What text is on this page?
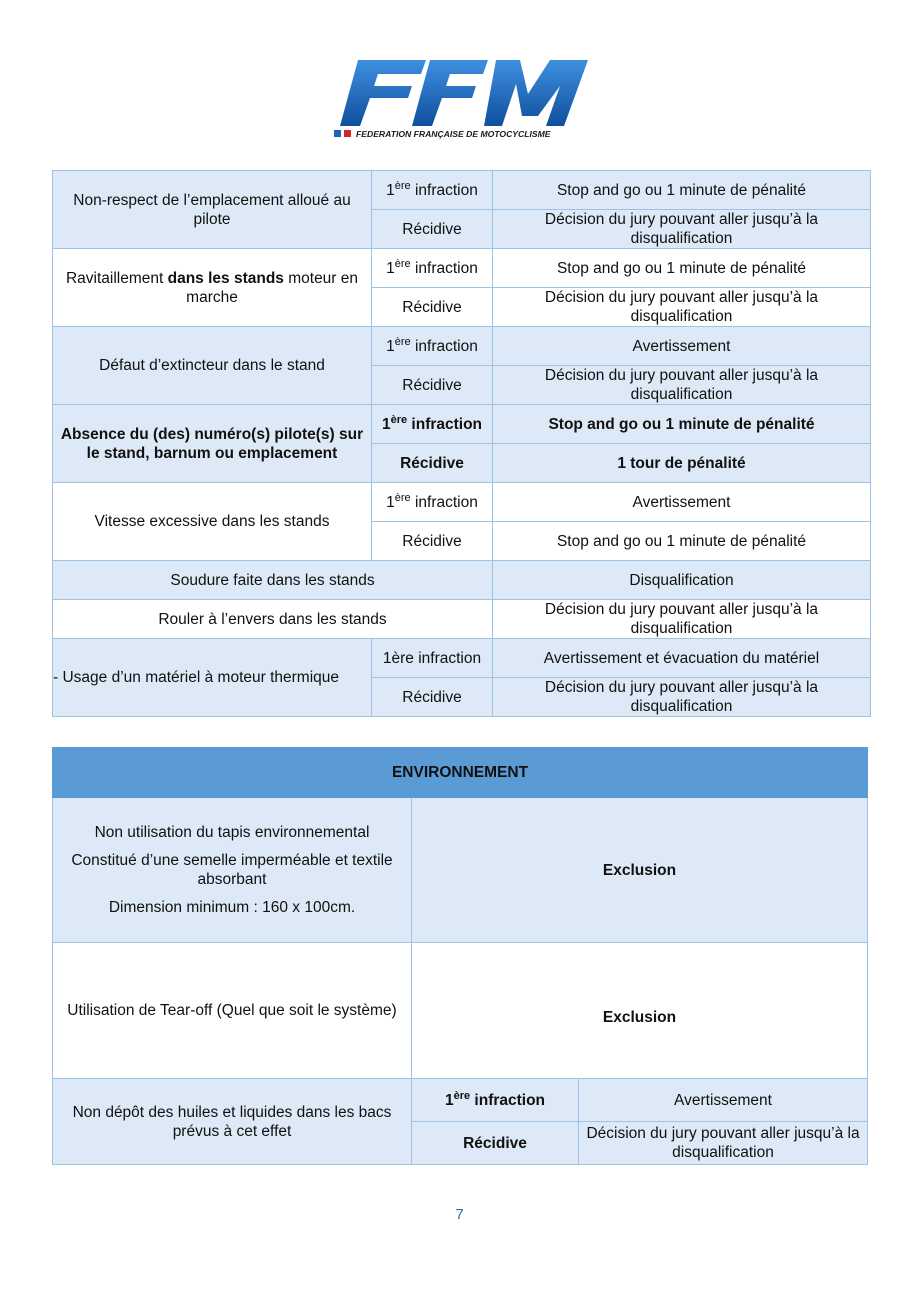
FEDERATION FRANÇAISE DE MOTOCYCLISME
Non-respect de l’emplacement alloué au pilote	1ère infraction	Stop and go ou 1 minute de pénalité
	Récidive	Décision du jury pouvant aller jusqu’à la disqualification
Ravitaillement dans les stands moteur en marche	1ère infraction	Stop and go ou 1 minute de pénalité
	Récidive	Décision du jury pouvant aller jusqu’à la disqualification
Défaut d’extincteur dans le stand	1ère infraction	Avertissement
	Récidive	Décision du jury pouvant aller jusqu’à la disqualification
Absence du (des) numéro(s) pilote(s) sur le stand, barnum ou emplacement	1ère infraction	Stop and go ou 1 minute de pénalité
	Récidive	1 tour de pénalité
Vitesse excessive dans les stands	1ère infraction	Avertissement
	Récidive	Stop and go ou 1 minute de pénalité
Soudure faite dans les stands		Disqualification
Rouler à l’envers dans les stands		Décision du jury pouvant aller jusqu’à la disqualification
- Usage d’un matériel à moteur thermique	1ère infraction	Avertissement et évacuation du matériel
	Récidive	Décision du jury pouvant aller jusqu’à la disqualification
ENVIRONNEMENT		

Non utilisation du tapis environnemental
Constitué d’une semelle imperméable et textile absorbant
Dimension minimum : 160 x 100cm.	Exclusion	
Utilisation de Tear-off (Quel que soit le système)	Exclusion	
Non dépôt des huiles et liquides dans les bacs prévus à cet effet	1ère infraction	Avertissement
	Récidive	Décision du jury pouvant aller jusqu’à la disqualification
7
